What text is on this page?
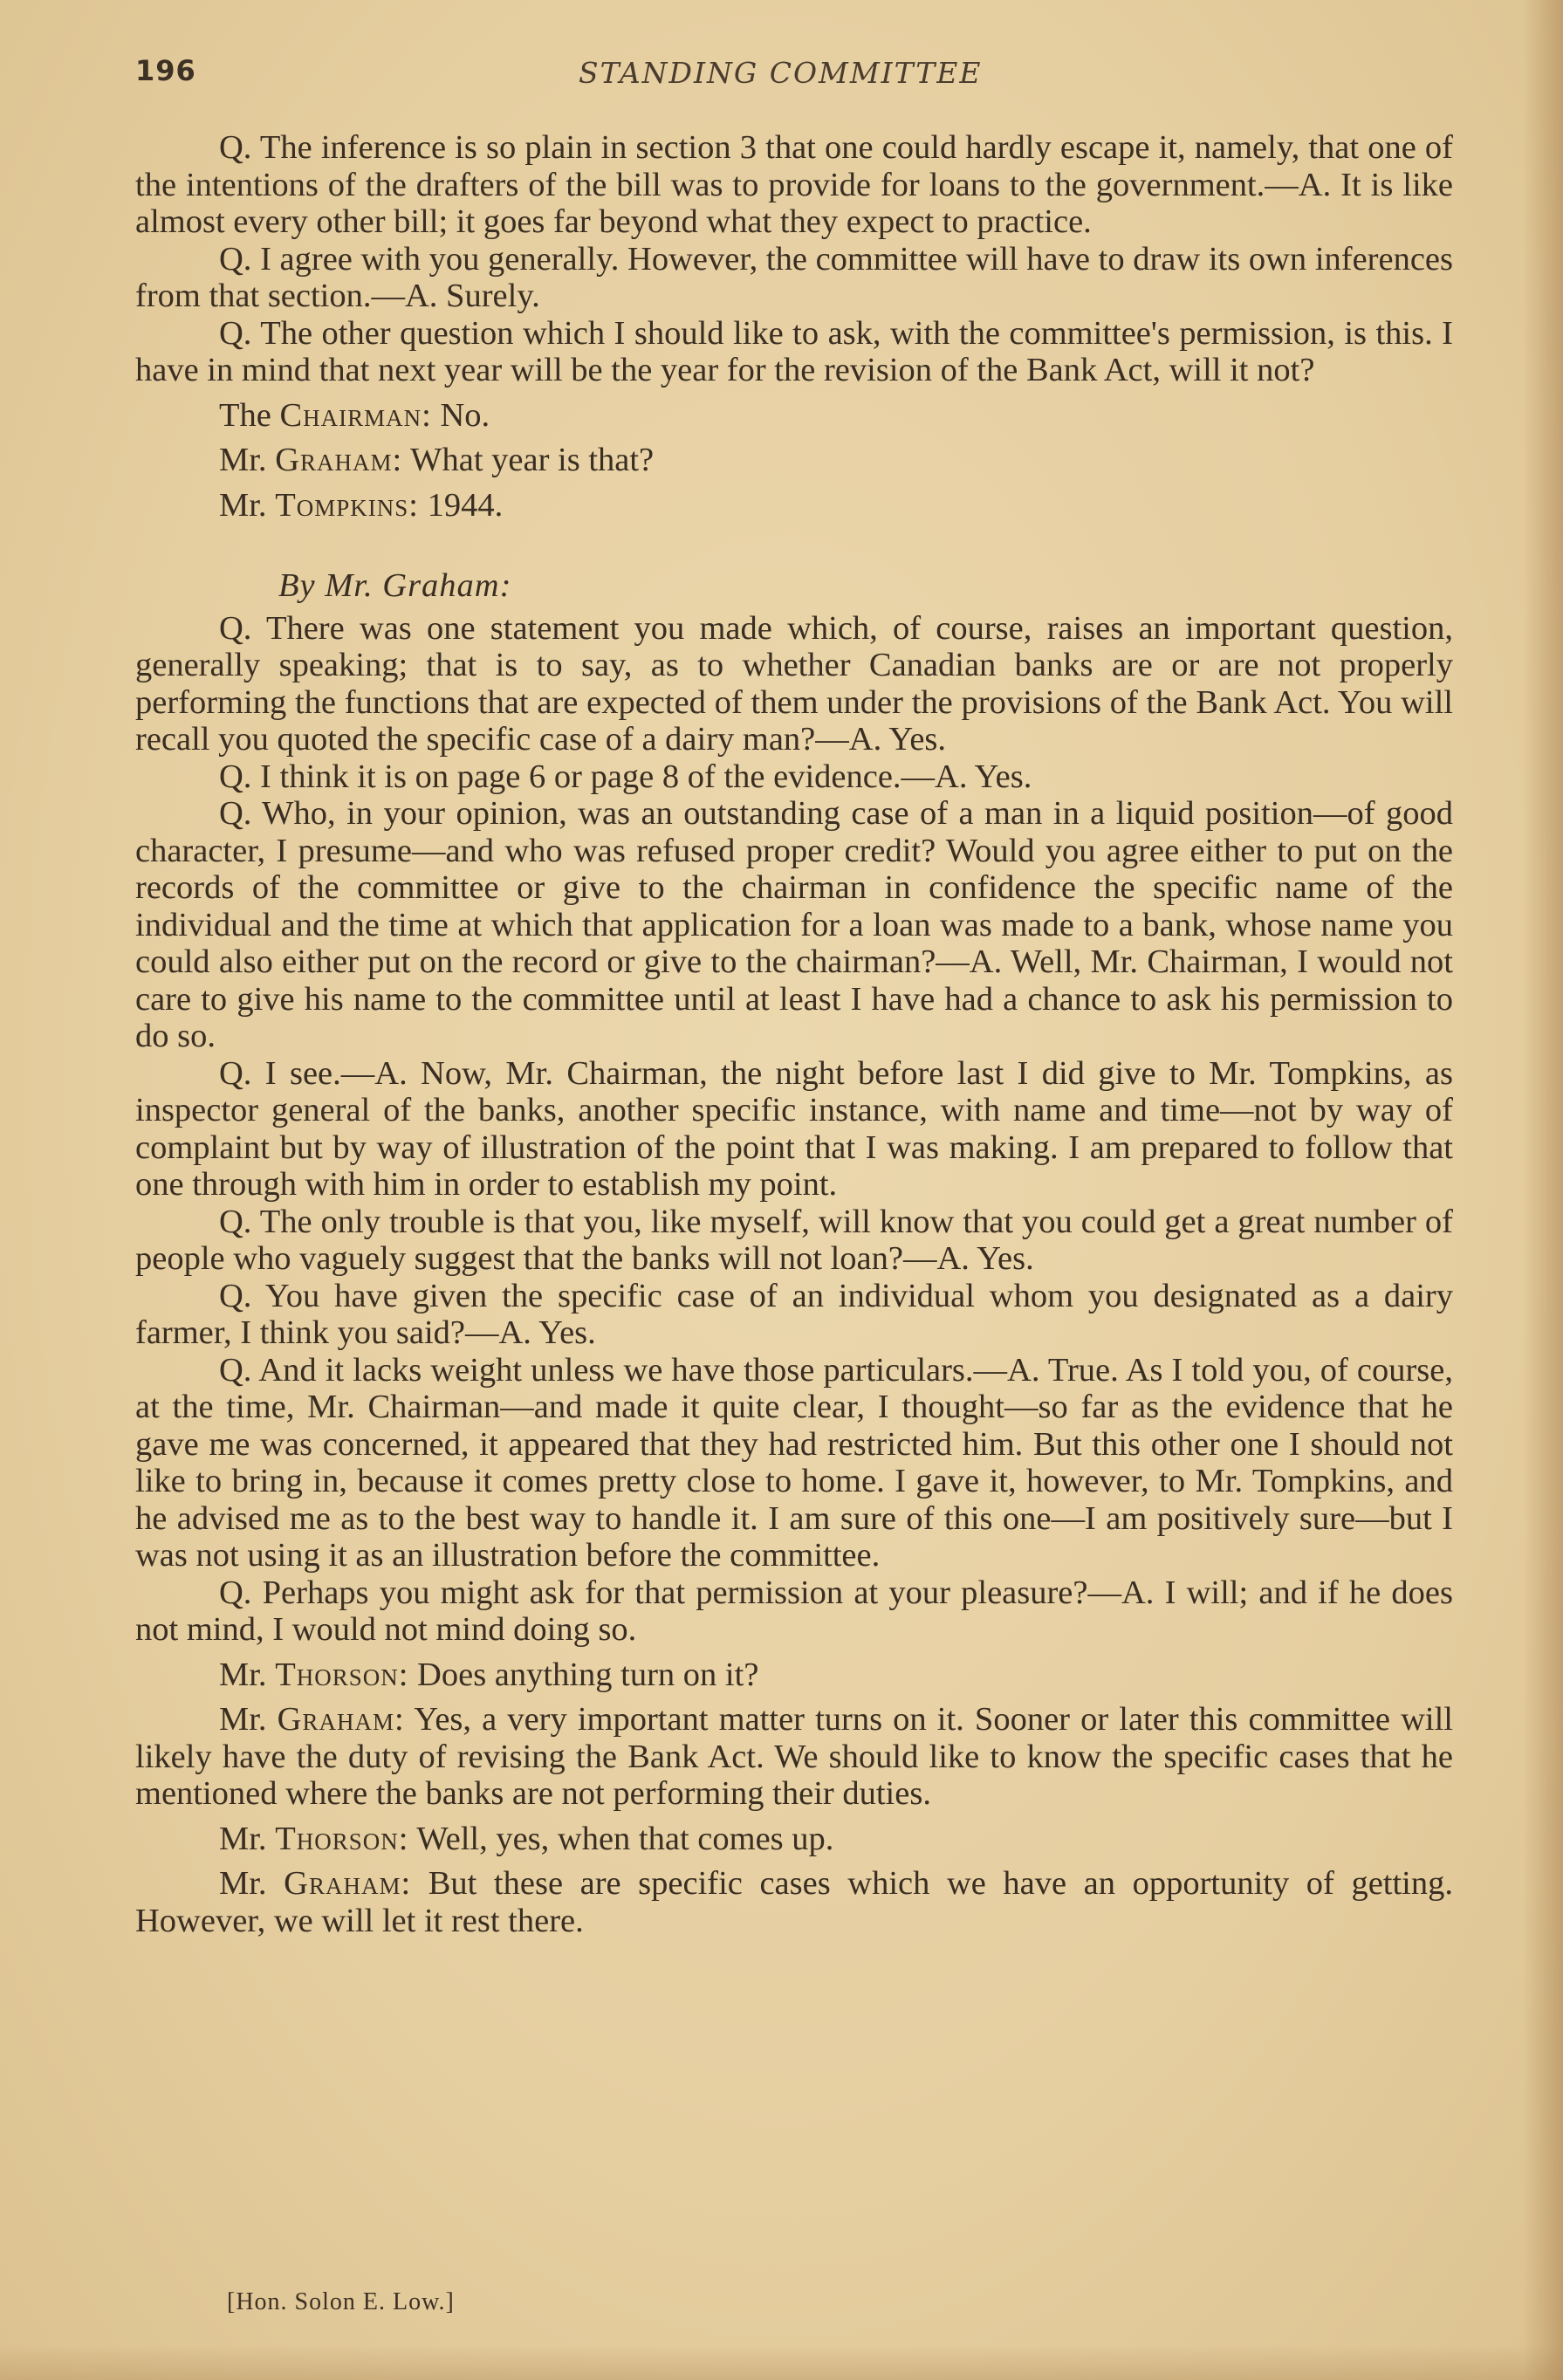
196	STANDING COMMITTEE

Q. The inference is so plain in section 3 that one could hardly escape it, namely, that one of the intentions of the drafters of the bill was to provide for loans to the government.—A. It is like almost every other bill; it goes far beyond what they expect to practice.

Q. I agree with you generally. However, the committee will have to draw its own inferences from that section.—A. Surely.

Q. The other question which I should like to ask, with the committee's permission, is this. I have in mind that next year will be the year for the revision of the Bank Act, will it not?

The Chairman: No.

Mr. Graham: What year is that?

Mr. Tompkins: 1944.

By Mr. Graham:

Q. There was one statement you made which, of course, raises an important question, generally speaking; that is to say, as to whether Canadian banks are or are not properly performing the functions that are expected of them under the provisions of the Bank Act. You will recall you quoted the specific case of a dairy man?—A. Yes.

Q. I think it is on page 6 or page 8 of the evidence.—A. Yes.

Q. Who, in your opinion, was an outstanding case of a man in a liquid position—of good character, I presume—and who was refused proper credit? Would you agree either to put on the records of the committee or give to the chairman in confidence the specific name of the individual and the time at which that application for a loan was made to a bank, whose name you could also either put on the record or give to the chairman?—A. Well, Mr. Chairman, I would not care to give his name to the committee until at least I have had a chance to ask his permission to do so.

Q. I see.—A. Now, Mr. Chairman, the night before last I did give to Mr. Tompkins, as inspector general of the banks, another specific instance, with name and time—not by way of complaint but by way of illustration of the point that I was making. I am prepared to follow that one through with him in order to establish my point.

Q. The only trouble is that you, like myself, will know that you could get a great number of people who vaguely suggest that the banks will not loan?—A. Yes.

Q. You have given the specific case of an individual whom you designated as a dairy farmer, I think you said?—A. Yes.

Q. And it lacks weight unless we have those particulars.—A. True. As I told you, of course, at the time, Mr. Chairman—and made it quite clear, I thought—so far as the evidence that he gave me was concerned, it appeared that they had restricted him. But this other one I should not like to bring in, because it comes pretty close to home. I gave it, however, to Mr. Tompkins, and he advised me as to the best way to handle it. I am sure of this one—I am positively sure—but I was not using it as an illustration before the committee.

Q. Perhaps you might ask for that permission at your pleasure?—A. I will; and if he does not mind, I would not mind doing so.

Mr. Thorson: Does anything turn on it?

Mr. Graham: Yes, a very important matter turns on it. Sooner or later this committee will likely have the duty of revising the Bank Act. We should like to know the specific cases that he mentioned where the banks are not performing their duties.

Mr. Thorson: Well, yes, when that comes up.

Mr. Graham: But these are specific cases which we have an opportunity of getting. However, we will let it rest there.

[Hon. Solon E. Low.]
